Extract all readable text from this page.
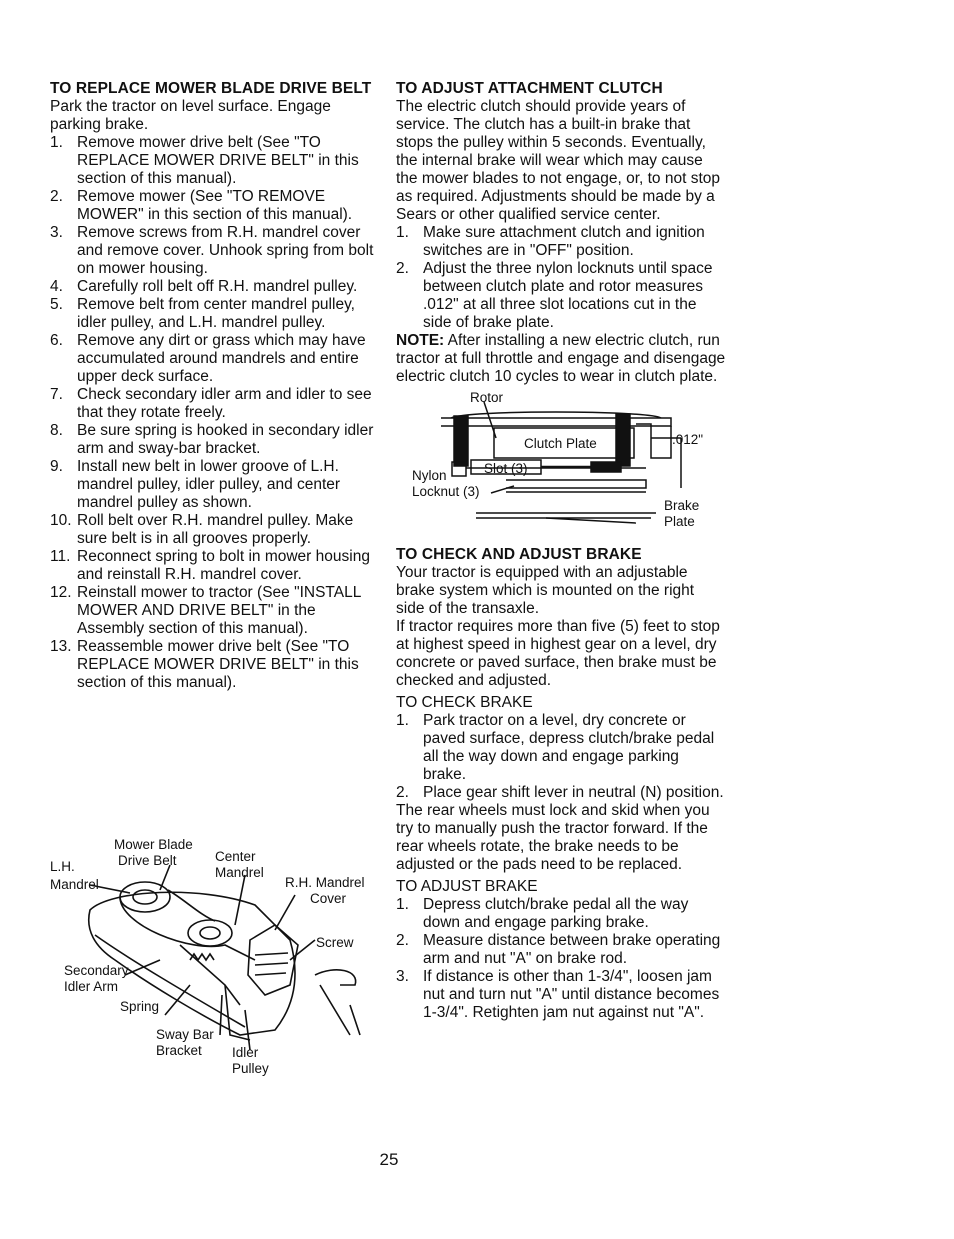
TO REPLACE MOWER BLADE DRIVE BELT

Park the tractor on level surface. Engage parking brake.

1. Remove mower drive belt (See "TO REPLACE MOWER DRIVE BELT" in this section of this manual).
2. Remove mower (See "TO REMOVE MOWER" in this section of this manual).
3. Remove screws from R.H. mandrel cover and remove cover. Unhook spring from bolt on mower housing.
4. Carefully roll belt off R.H. mandrel pulley.
5. Remove belt from center mandrel pulley, idler pulley, and L.H. mandrel pulley.
6. Remove any dirt or grass which may have accumulated around mandrels and entire upper deck surface.
7. Check secondary idler arm and idler to see that they rotate freely.
8. Be sure spring is hooked in secondary idler arm and sway-bar bracket.
9. Install new belt in lower groove of L.H. mandrel pulley, idler pulley, and center mandrel pulley as shown.
10. Roll belt over R.H. mandrel pulley. Make sure belt is in all grooves properly.
11. Reconnect spring to bolt in mower housing and reinstall R.H. mandrel cover.
12. Reinstall mower to tractor (See "INSTALL MOWER AND DRIVE BELT" in the Assembly section of this manual).
13. Reassemble mower drive belt (See "TO REPLACE MOWER DRIVE BELT" in this section of this manual).
Mower Blade
Drive Belt
L.H.
Mandrel
Center
Mandrel
R.H. Mandrel
Cover
Screw
Secondary
Idler Arm
Spring
Sway Bar
Bracket Idler
Pulley
TO ADJUST ATTACHMENT CLUTCH

The electric clutch should provide years of service. The clutch has a built-in brake that stops the pulley within 5 seconds. Eventually, the internal brake will wear which may cause the mower blades to not engage, or, to not stop as required. Adjustments should be made by a Sears or other qualified service center.

1. Make sure attachment clutch and ignition switches are in "OFF" position.
2. Adjust the three nylon locknuts until space between clutch plate and rotor measures .012" at all three slot locations cut in the side of brake plate.

NOTE: After installing a new electric clutch, run tractor at full throttle and engage and disengage electric clutch 10 cycles to wear in clutch plate.

Rotor
Clutch Plate	.012"
Nylon	Slot (3)
Locknut (3)
Brake
Plate
TO CHECK AND ADJUST BRAKE

Your tractor is equipped with an adjustable brake system which is mounted on the right side of the transaxle.

If tractor requires more than five (5) feet to stop at highest speed in highest gear on a level, dry concrete or paved surface, then brake must be checked and adjusted.

TO CHECK BRAKE

1. Park tractor on a level, dry concrete or paved surface, depress clutch/brake pedal all the way down and engage parking brake.
2. Place gear shift lever in neutral (N) position.

The rear wheels must lock and skid when you try to manually push the tractor forward. If the rear wheels rotate, the brake needs to be adjusted or the pads need to be replaced.

TO ADJUST BRAKE

1. Depress clutch/brake pedal all the way down and engage parking brake.
2. Measure distance between brake operating arm and nut "A" on brake rod.
3. If distance is other than 1-3/4", loosen jam nut and turn nut "A" until distance becomes 1-3/4". Retighten jam nut against nut "A".
25
